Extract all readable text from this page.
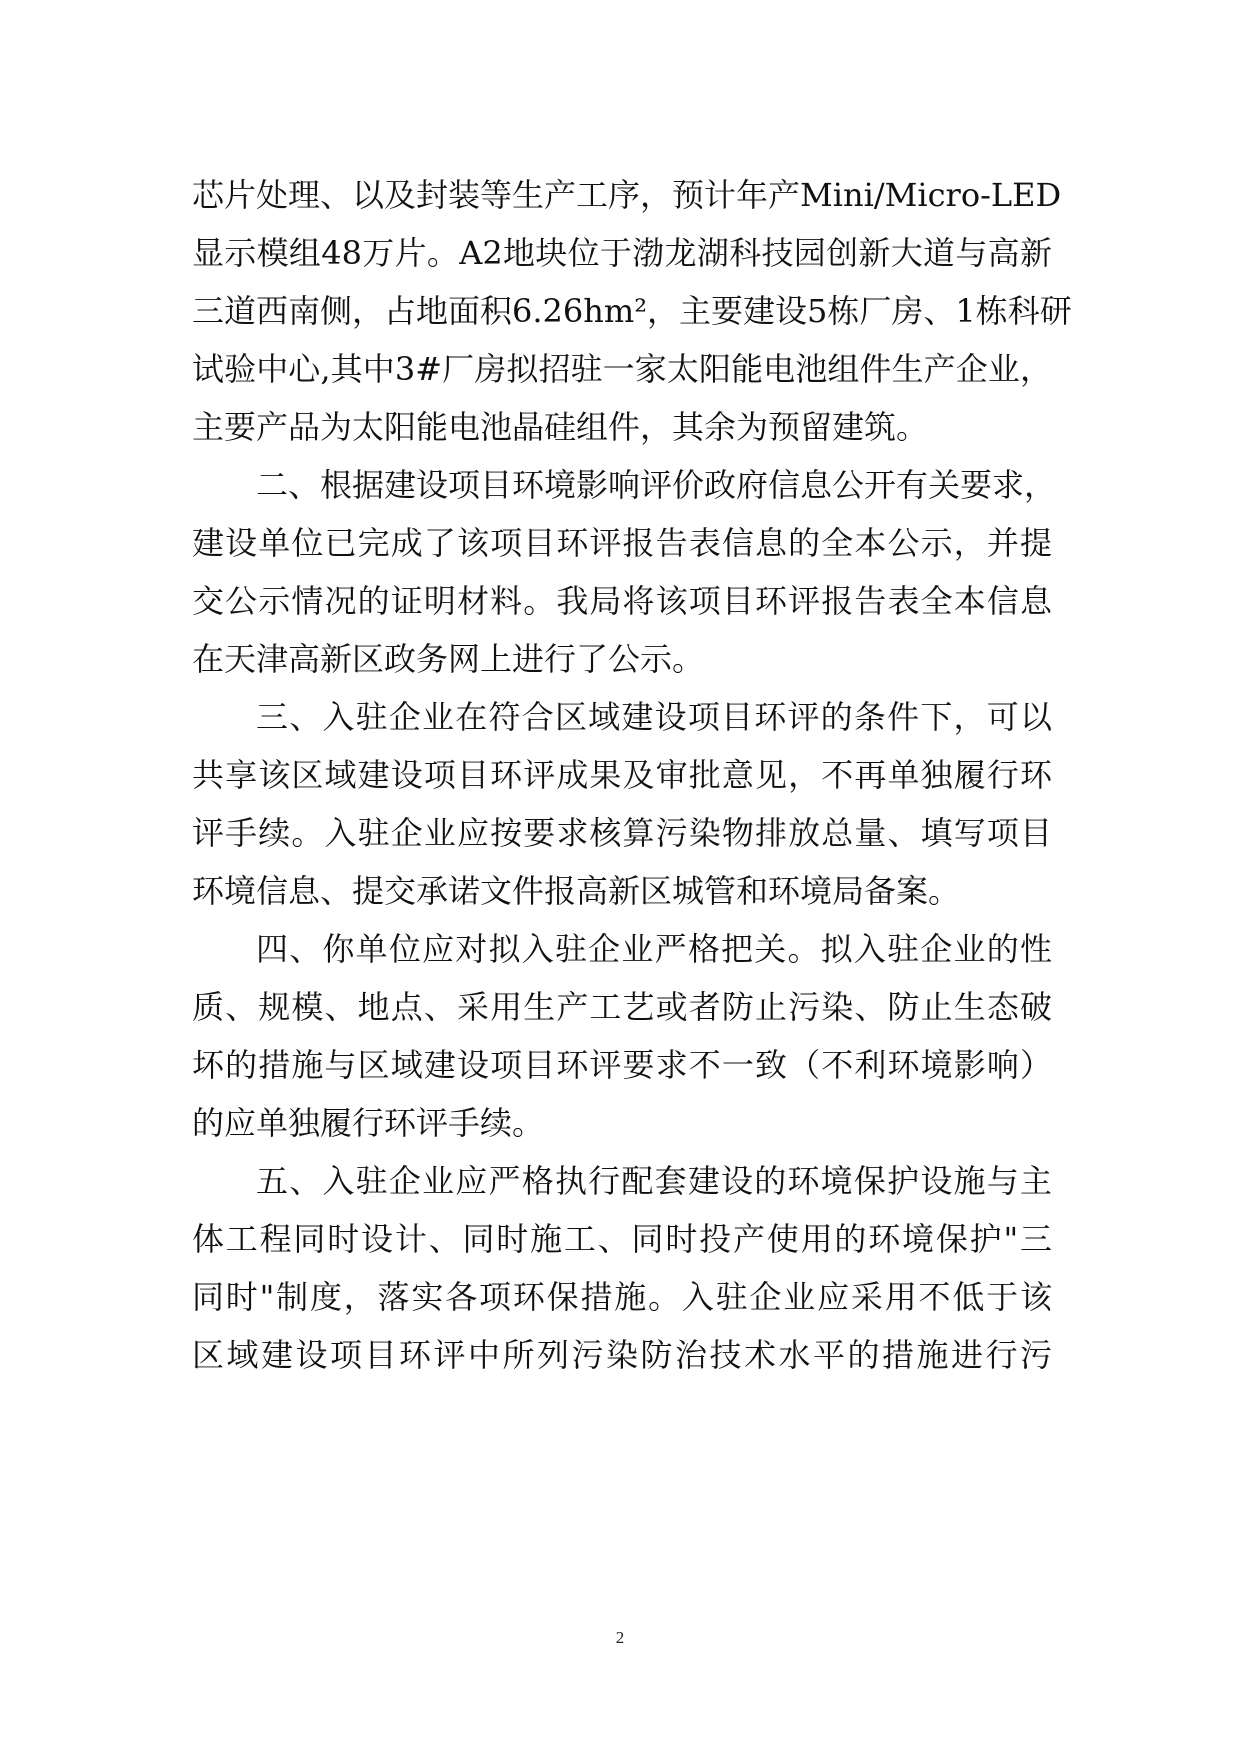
芯片处理、以及封装等生产工序，预计年产Mini/Micro-LED
显示模组48万片。A2地块位于渤龙湖科技园创新大道与高新
三道西南侧，占地面积6.26hm²，主要建设5栋厂房、1栋科研
试验中心,其中3#厂房拟招驻一家太阳能电池组件生产企业，
主要产品为太阳能电池晶硅组件，其余为预留建筑。
二、根据建设项目环境影响评价政府信息公开有关要求，
建设单位已完成了该项目环评报告表信息的全本公示，并提
交公示情况的证明材料。我局将该项目环评报告表全本信息
在天津高新区政务网上进行了公示。
三、入驻企业在符合区域建设项目环评的条件下，可以
共享该区域建设项目环评成果及审批意见，不再单独履行环
评手续。入驻企业应按要求核算污染物排放总量、填写项目
环境信息、提交承诺文件报高新区城管和环境局备案。
四、你单位应对拟入驻企业严格把关。拟入驻企业的性
质、规模、地点、采用生产工艺或者防止污染、防止生态破
坏的措施与区域建设项目环评要求不一致（不利环境影响）
的应单独履行环评手续。
五、入驻企业应严格执行配套建设的环境保护设施与主
体工程同时设计、同时施工、同时投产使用的环境保护"三
同时"制度，落实各项环保措施。入驻企业应采用不低于该
区域建设项目环评中所列污染防治技术水平的措施进行污
2
